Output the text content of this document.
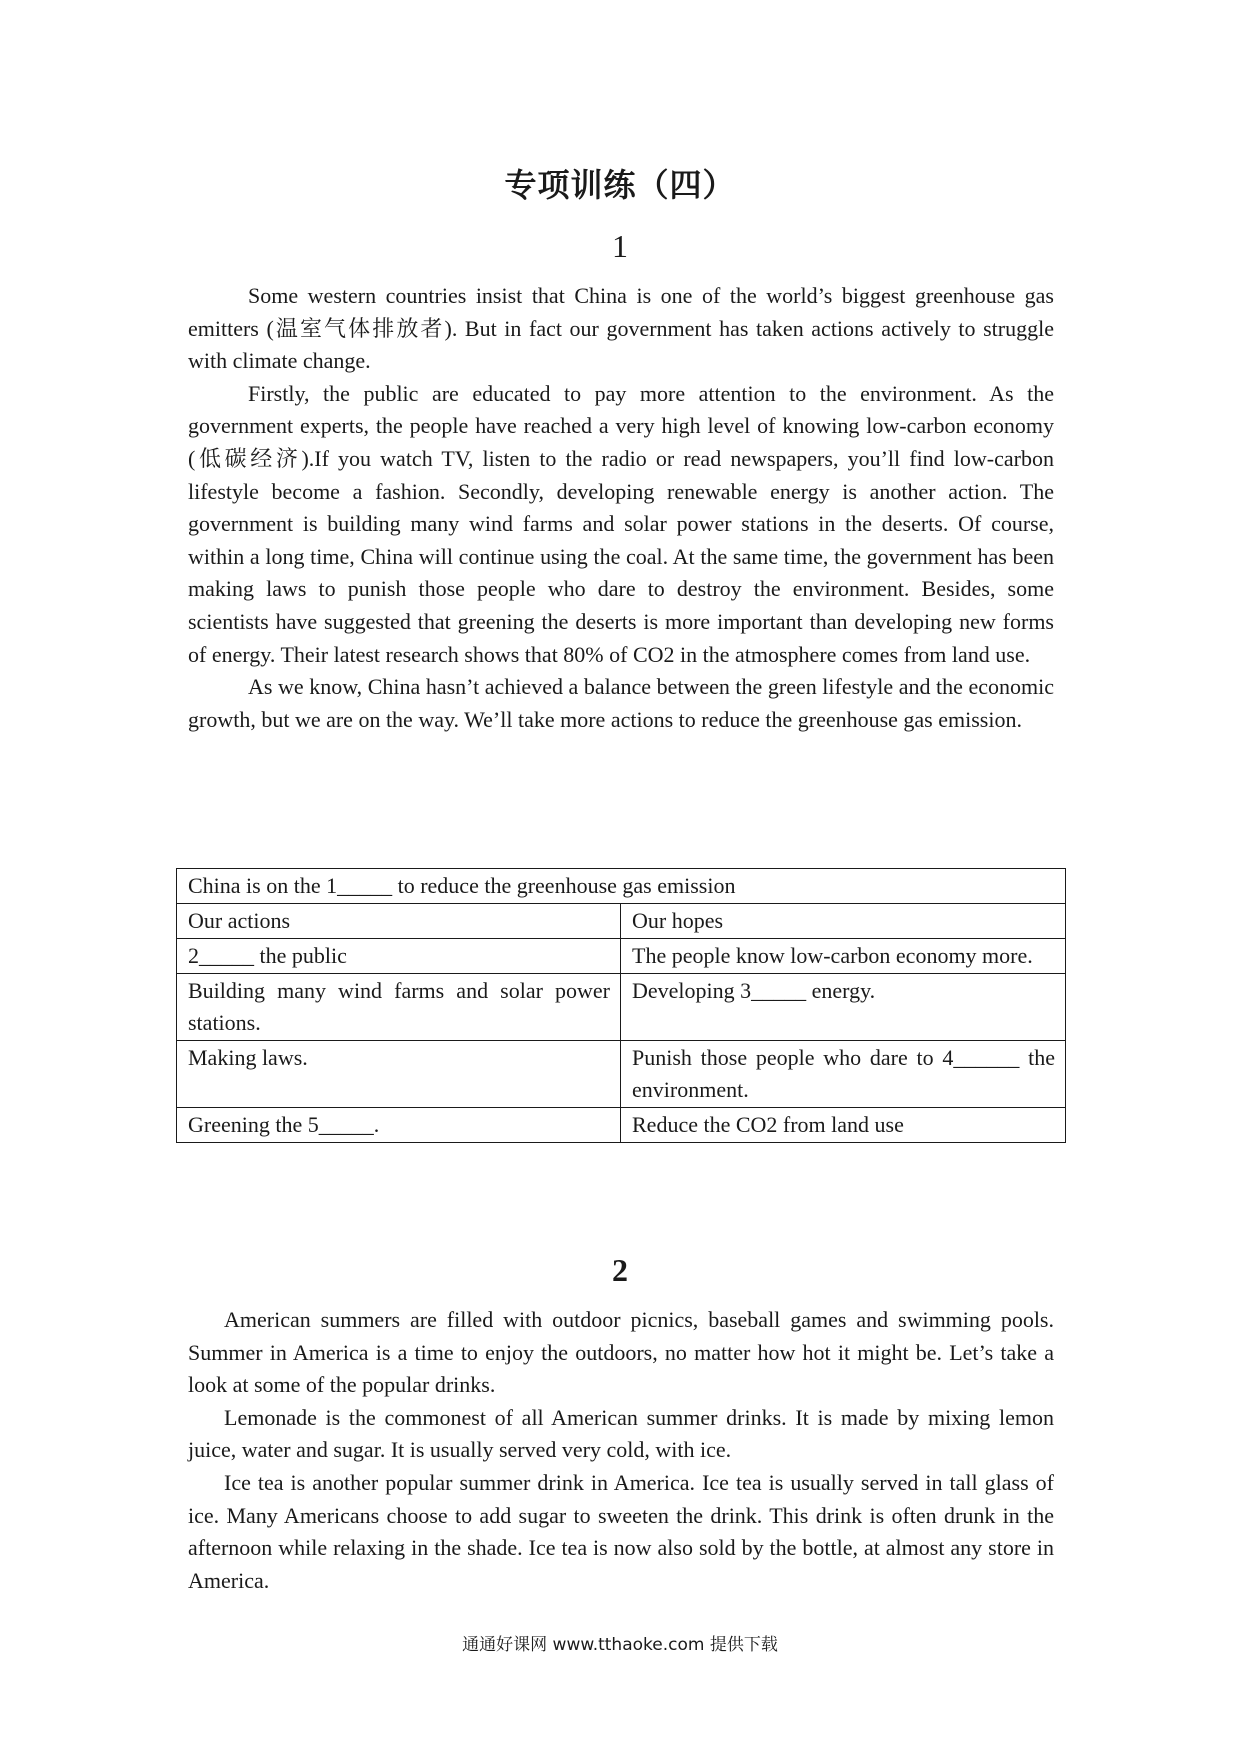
专项训练（四）
1

Some western countries insist that China is one of the world’s biggest greenhouse gas emitters (温室气体排放者). But in fact our government has taken actions actively to struggle with climate change.

Firstly, the public are educated to pay more attention to the environment. As the government experts, the people have reached a very high level of knowing low-carbon economy (低碳经济).If you watch TV, listen to the radio or read newspapers, you’ll find low-carbon lifestyle become a fashion. Secondly, developing renewable energy is another action. The government is building many wind farms and solar power stations in the deserts. Of course, within a long time, China will continue using the coal. At the same time, the government has been making laws to punish those people who dare to destroy the environment. Besides, some scientists have suggested that greening the deserts is more important than developing new forms of energy. Their latest research shows that 80% of CO2 in the atmosphere comes from land use.

As we know, China hasn’t achieved a balance between the green lifestyle and the economic growth, but we are on the way. We’ll take more actions to reduce the greenhouse gas emission.

China is on the 1_____ to reduce the greenhouse gas emission	
Our actions	Our hopes
2_____ the public	The people know low-carbon economy more.
Building many wind farms and solar power stations.	Developing 3_____ energy.
Making laws.	Punish those people who dare to 4______ the environment.
Greening the 5_____.	Reduce the CO2 from land use
2

American summers are filled with outdoor picnics, baseball games and swimming pools. Summer in America is a time to enjoy the outdoors, no matter how hot it might be. Let’s take a look at some of the popular drinks.

Lemonade is the commonest of all American summer drinks. It is made by mixing lemon juice, water and sugar. It is usually served very cold, with ice.

Ice tea is another popular summer drink in America. Ice tea is usually served in tall glass of ice. Many Americans choose to add sugar to sweeten the drink. This drink is often drunk in the afternoon while relaxing in the shade. Ice tea is now also sold by the bottle, at almost any store in America.

通通好课网 www.tthaoke.com 提供下载
